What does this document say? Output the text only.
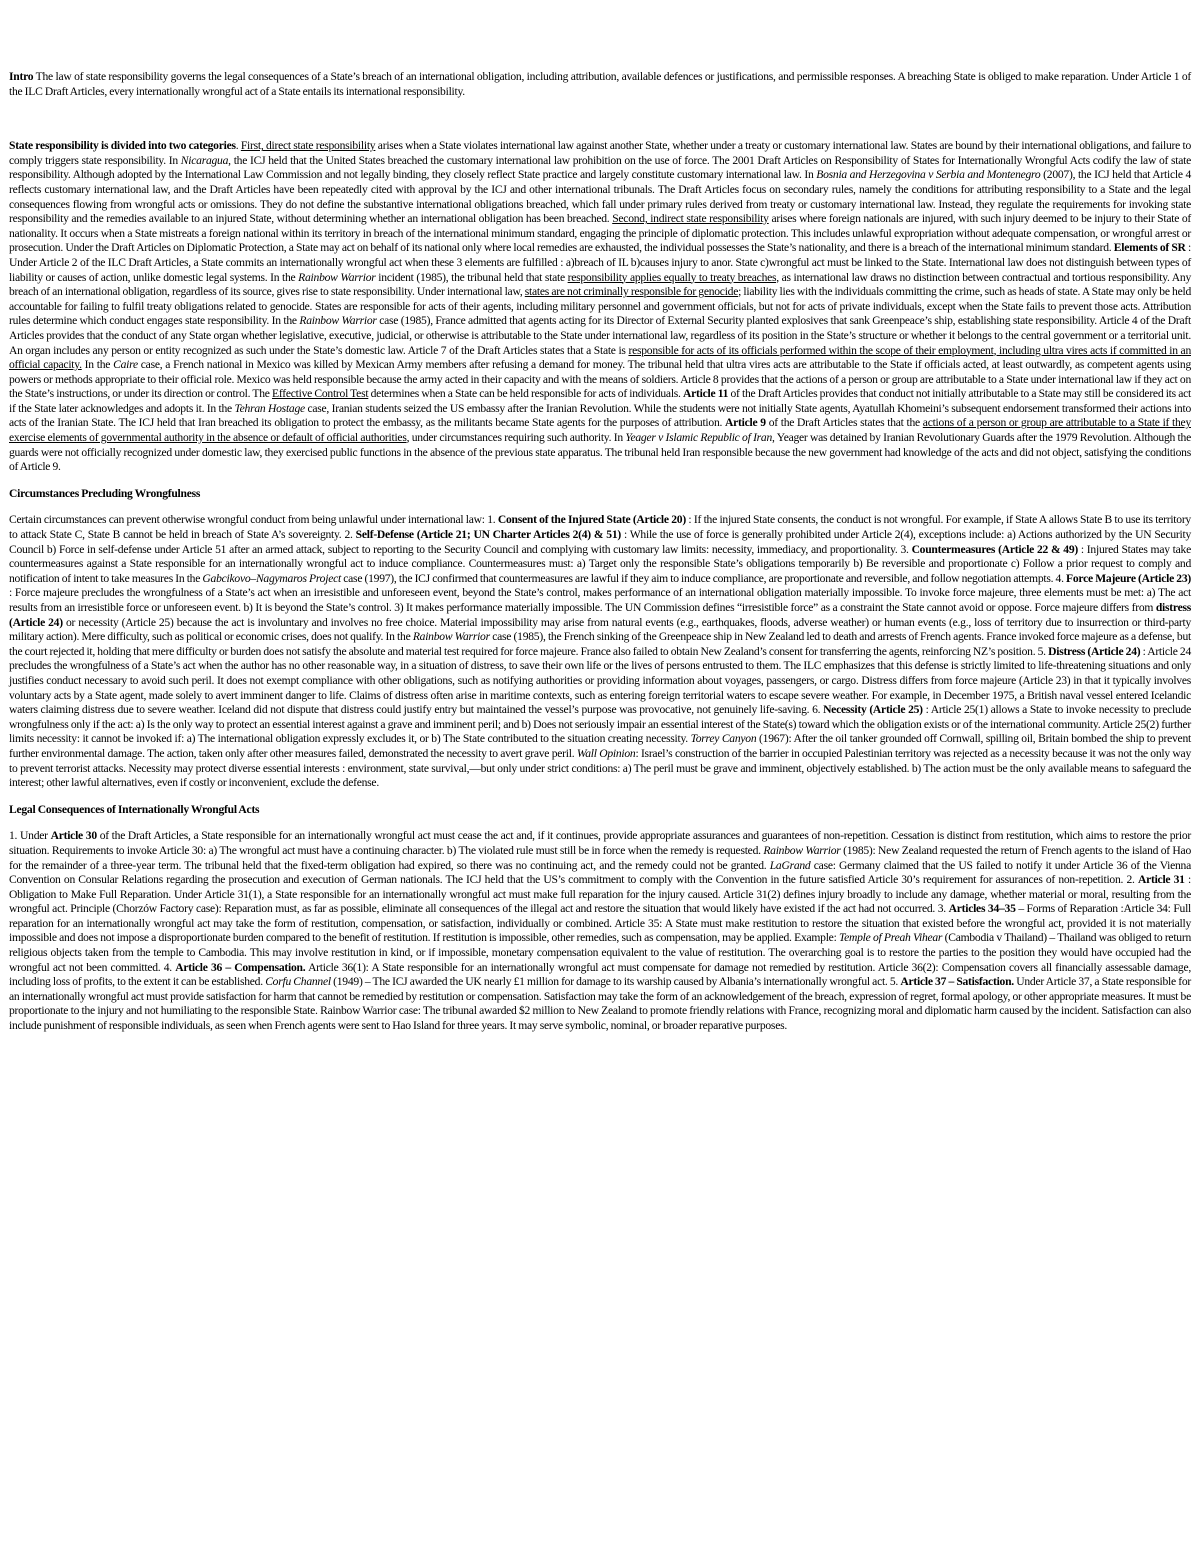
Intro The law of state responsibility governs the legal consequences of a State’s breach of an international obligation, including attribution, available defences or justifications, and permissible responses. A breaching State is obliged to make reparation. Under Article 1 of the ILC Draft Articles, every internationally wrongful act of a State entails its international responsibility.

State responsibility is divided into two categories. First, direct state responsibility arises when a State violates international law against another State, whether under a treaty or customary international law. States are bound by their international obligations, and failure to comply triggers state responsibility. In Nicaragua, the ICJ held that the United States breached the customary international law prohibition on the use of force. The 2001 Draft Articles on Responsibility of States for Internationally Wrongful Acts codify the law of state responsibility. Although adopted by the International Law Commission and not legally binding, they closely reflect State practice and largely constitute customary international law. In Bosnia and Herzegovina v Serbia and Montenegro (2007), the ICJ held that Article 4 reflects customary international law, and the Draft Articles have been repeatedly cited with approval by the ICJ and other international tribunals. The Draft Articles focus on secondary rules, namely the conditions for attributing responsibility to a State and the legal consequences flowing from wrongful acts or omissions. They do not define the substantive international obligations breached, which fall under primary rules derived from treaty or customary international law. Instead, they regulate the requirements for invoking state responsibility and the remedies available to an injured State, without determining whether an international obligation has been breached. Second, indirect state responsibility arises where foreign nationals are injured, with such injury deemed to be injury to their State of nationality. It occurs when a State mistreats a foreign national within its territory in breach of the international minimum standard, engaging the principle of diplomatic protection. This includes unlawful expropriation without adequate compensation, or wrongful arrest or prosecution. Under the Draft Articles on Diplomatic Protection, a State may act on behalf of its national only where local remedies are exhausted, the individual possesses the State’s nationality, and there is a breach of the international minimum standard. Elements of SR : Under Article 2 of the ILC Draft Articles, a State commits an internationally wrongful act when these 3 elements are fulfilled : a)breach of IL b)causes injury to anor. State c)wrongful act must be linked to the State. International law does not distinguish between types of liability or causes of action, unlike domestic legal systems. In the Rainbow Warrior incident (1985), the tribunal held that state responsibility applies equally to treaty breaches, as international law draws no distinction between contractual and tortious responsibility. Any breach of an international obligation, regardless of its source, gives rise to state responsibility. Under international law, states are not criminally responsible for genocide; liability lies with the individuals committing the crime, such as heads of state. A State may only be held accountable for failing to fulfil treaty obligations related to genocide. States are responsible for acts of their agents, including military personnel and government officials, but not for acts of private individuals, except when the State fails to prevent those acts. Attribution rules determine which conduct engages state responsibility. In the Rainbow Warrior case (1985), France admitted that agents acting for its Director of External Security planted explosives that sank Greenpeace’s ship, establishing state responsibility. Article 4 of the Draft Articles provides that the conduct of any State organ whether legislative, executive, judicial, or otherwise is attributable to the State under international law, regardless of its position in the State’s structure or whether it belongs to the central government or a territorial unit. An organ includes any person or entity recognized as such under the State’s domestic law. Article 7 of the Draft Articles states that a State is responsible for acts of its officials performed within the scope of their employment, including ultra vires acts if committed in an official capacity. In the Caire case, a French national in Mexico was killed by Mexican Army members after refusing a demand for money. The tribunal held that ultra vires acts are attributable to the State if officials acted, at least outwardly, as competent agents using powers or methods appropriate to their official role. Mexico was held responsible because the army acted in their capacity and with the means of soldiers. Article 8 provides that the actions of a person or group are attributable to a State under international law if they act on the State’s instructions, or under its direction or control. The Effective Control Test determines when a State can be held responsible for acts of individuals. Article 11 of the Draft Articles provides that conduct not initially attributable to a State may still be considered its act if the State later acknowledges and adopts it. In the Tehran Hostage case, Iranian students seized the US embassy after the Iranian Revolution. While the students were not initially State agents, Ayatullah Khomeini’s subsequent endorsement transformed their actions into acts of the Iranian State. The ICJ held that Iran breached its obligation to protect the embassy, as the militants became State agents for the purposes of attribution. Article 9 of the Draft Articles states that the actions of a person or group are attributable to a State if they exercise elements of governmental authority in the absence or default of official authorities, under circumstances requiring such authority. In Yeager v Islamic Republic of Iran, Yeager was detained by Iranian Revolutionary Guards after the 1979 Revolution. Although the guards were not officially recognized under domestic law, they exercised public functions in the absence of the previous state apparatus. The tribunal held Iran responsible because the new government had knowledge of the acts and did not object, satisfying the conditions of Article 9.

Circumstances Precluding Wrongfulness

Certain circumstances can prevent otherwise wrongful conduct from being unlawful under international law: 1. Consent of the Injured State (Article 20) : If the injured State consents, the conduct is not wrongful. For example, if State A allows State B to use its territory to attack State C, State B cannot be held in breach of State A’s sovereignty. 2. Self-Defense (Article 21; UN Charter Articles 2(4) & 51) : While the use of force is generally prohibited under Article 2(4), exceptions include: a) Actions authorized by the UN Security Council b) Force in self-defense under Article 51 after an armed attack, subject to reporting to the Security Council and complying with customary law limits: necessity, immediacy, and proportionality. 3. Countermeasures (Article 22 & 49) : Injured States may take countermeasures against a State responsible for an internationally wrongful act to induce compliance. Countermeasures must: a) Target only the responsible State’s obligations temporarily b) Be reversible and proportionate c) Follow a prior request to comply and notification of intent to take measures In the Gabcikovo–Nagymaros Project case (1997), the ICJ confirmed that countermeasures are lawful if they aim to induce compliance, are proportionate and reversible, and follow negotiation attempts. 4. Force Majeure (Article 23) : Force majeure precludes the wrongfulness of a State’s act when an irresistible and unforeseen event, beyond the State’s control, makes performance of an international obligation materially impossible. To invoke force majeure, three elements must be met: a) The act results from an irresistible force or unforeseen event. b) It is beyond the State’s control. 3) It makes performance materially impossible. The UN Commission defines “irresistible force” as a constraint the State cannot avoid or oppose. Force majeure differs from distress (Article 24) or necessity (Article 25) because the act is involuntary and involves no free choice. Material impossibility may arise from natural events (e.g., earthquakes, floods, adverse weather) or human events (e.g., loss of territory due to insurrection or third-party military action). Mere difficulty, such as political or economic crises, does not qualify. In the Rainbow Warrior case (1985), the French sinking of the Greenpeace ship in New Zealand led to death and arrests of French agents. France invoked force majeure as a defense, but the court rejected it, holding that mere difficulty or burden does not satisfy the absolute and material test required for force majeure. France also failed to obtain New Zealand’s consent for transferring the agents, reinforcing NZ’s position. 5. Distress (Article 24) : Article 24 precludes the wrongfulness of a State’s act when the author has no other reasonable way, in a situation of distress, to save their own life or the lives of persons entrusted to them. The ILC emphasizes that this defense is strictly limited to life-threatening situations and only justifies conduct necessary to avoid such peril. It does not exempt compliance with other obligations, such as notifying authorities or providing information about voyages, passengers, or cargo. Distress differs from force majeure (Article 23) in that it typically involves voluntary acts by a State agent, made solely to avert imminent danger to life. Claims of distress often arise in maritime contexts, such as entering foreign territorial waters to escape severe weather. For example, in December 1975, a British naval vessel entered Icelandic waters claiming distress due to severe weather. Iceland did not dispute that distress could justify entry but maintained the vessel’s purpose was provocative, not genuinely life-saving. 6. Necessity (Article 25) : Article 25(1) allows a State to invoke necessity to preclude wrongfulness only if the act: a) Is the only way to protect an essential interest against a grave and imminent peril; and b) Does not seriously impair an essential interest of the State(s) toward which the obligation exists or of the international community. Article 25(2) further limits necessity: it cannot be invoked if: a) The international obligation expressly excludes it, or b) The State contributed to the situation creating necessity. Torrey Canyon (1967): After the oil tanker grounded off Cornwall, spilling oil, Britain bombed the ship to prevent further environmental damage. The action, taken only after other measures failed, demonstrated the necessity to avert grave peril. Wall Opinion: Israel’s construction of the barrier in occupied Palestinian territory was rejected as a necessity because it was not the only way to prevent terrorist attacks. Necessity may protect diverse essential interests : environment, state survival,—but only under strict conditions: a) The peril must be grave and imminent, objectively established. b) The action must be the only available means to safeguard the interest; other lawful alternatives, even if costly or inconvenient, exclude the defense.

Legal Consequences of Internationally Wrongful Acts

1. Under Article 30 of the Draft Articles, a State responsible for an internationally wrongful act must cease the act and, if it continues, provide appropriate assurances and guarantees of non-repetition. Cessation is distinct from restitution, which aims to restore the prior situation. Requirements to invoke Article 30: a) The wrongful act must have a continuing character. b) The violated rule must still be in force when the remedy is requested. Rainbow Warrior (1985): New Zealand requested the return of French agents to the island of Hao for the remainder of a three-year term. The tribunal held that the fixed-term obligation had expired, so there was no continuing act, and the remedy could not be granted. LaGrand case: Germany claimed that the US failed to notify it under Article 36 of the Vienna Convention on Consular Relations regarding the prosecution and execution of German nationals. The ICJ held that the US’s commitment to comply with the Convention in the future satisfied Article 30’s requirement for assurances of non-repetition. 2. Article 31 : Obligation to Make Full Reparation. Under Article 31(1), a State responsible for an internationally wrongful act must make full reparation for the injury caused. Article 31(2) defines injury broadly to include any damage, whether material or moral, resulting from the wrongful act. Principle (Chorzów Factory case): Reparation must, as far as possible, eliminate all consequences of the illegal act and restore the situation that would likely have existed if the act had not occurred. 3. Articles 34–35 – Forms of Reparation :Article 34: Full reparation for an internationally wrongful act may take the form of restitution, compensation, or satisfaction, individually or combined. Article 35: A State must make restitution to restore the situation that existed before the wrongful act, provided it is not materially impossible and does not impose a disproportionate burden compared to the benefit of restitution. If restitution is impossible, other remedies, such as compensation, may be applied. Example: Temple of Preah Vihear (Cambodia v Thailand) – Thailand was obliged to return religious objects taken from the temple to Cambodia. This may involve restitution in kind, or if impossible, monetary compensation equivalent to the value of restitution. The overarching goal is to restore the parties to the position they would have occupied had the wrongful act not been committed. 4. Article 36 – Compensation. Article 36(1): A State responsible for an internationally wrongful act must compensate for damage not remedied by restitution. Article 36(2): Compensation covers all financially assessable damage, including loss of profits, to the extent it can be established. Corfu Channel (1949) – The ICJ awarded the UK nearly £1 million for damage to its warship caused by Albania’s internationally wrongful act. 5. Article 37 – Satisfaction. Under Article 37, a State responsible for an internationally wrongful act must provide satisfaction for harm that cannot be remedied by restitution or compensation. Satisfaction may take the form of an acknowledgement of the breach, expression of regret, formal apology, or other appropriate measures. It must be proportionate to the injury and not humiliating to the responsible State. Rainbow Warrior case: The tribunal awarded $2 million to New Zealand to promote friendly relations with France, recognizing moral and diplomatic harm caused by the incident. Satisfaction can also include punishment of responsible individuals, as seen when French agents were sent to Hao Island for three years. It may serve symbolic, nominal, or broader reparative purposes.
